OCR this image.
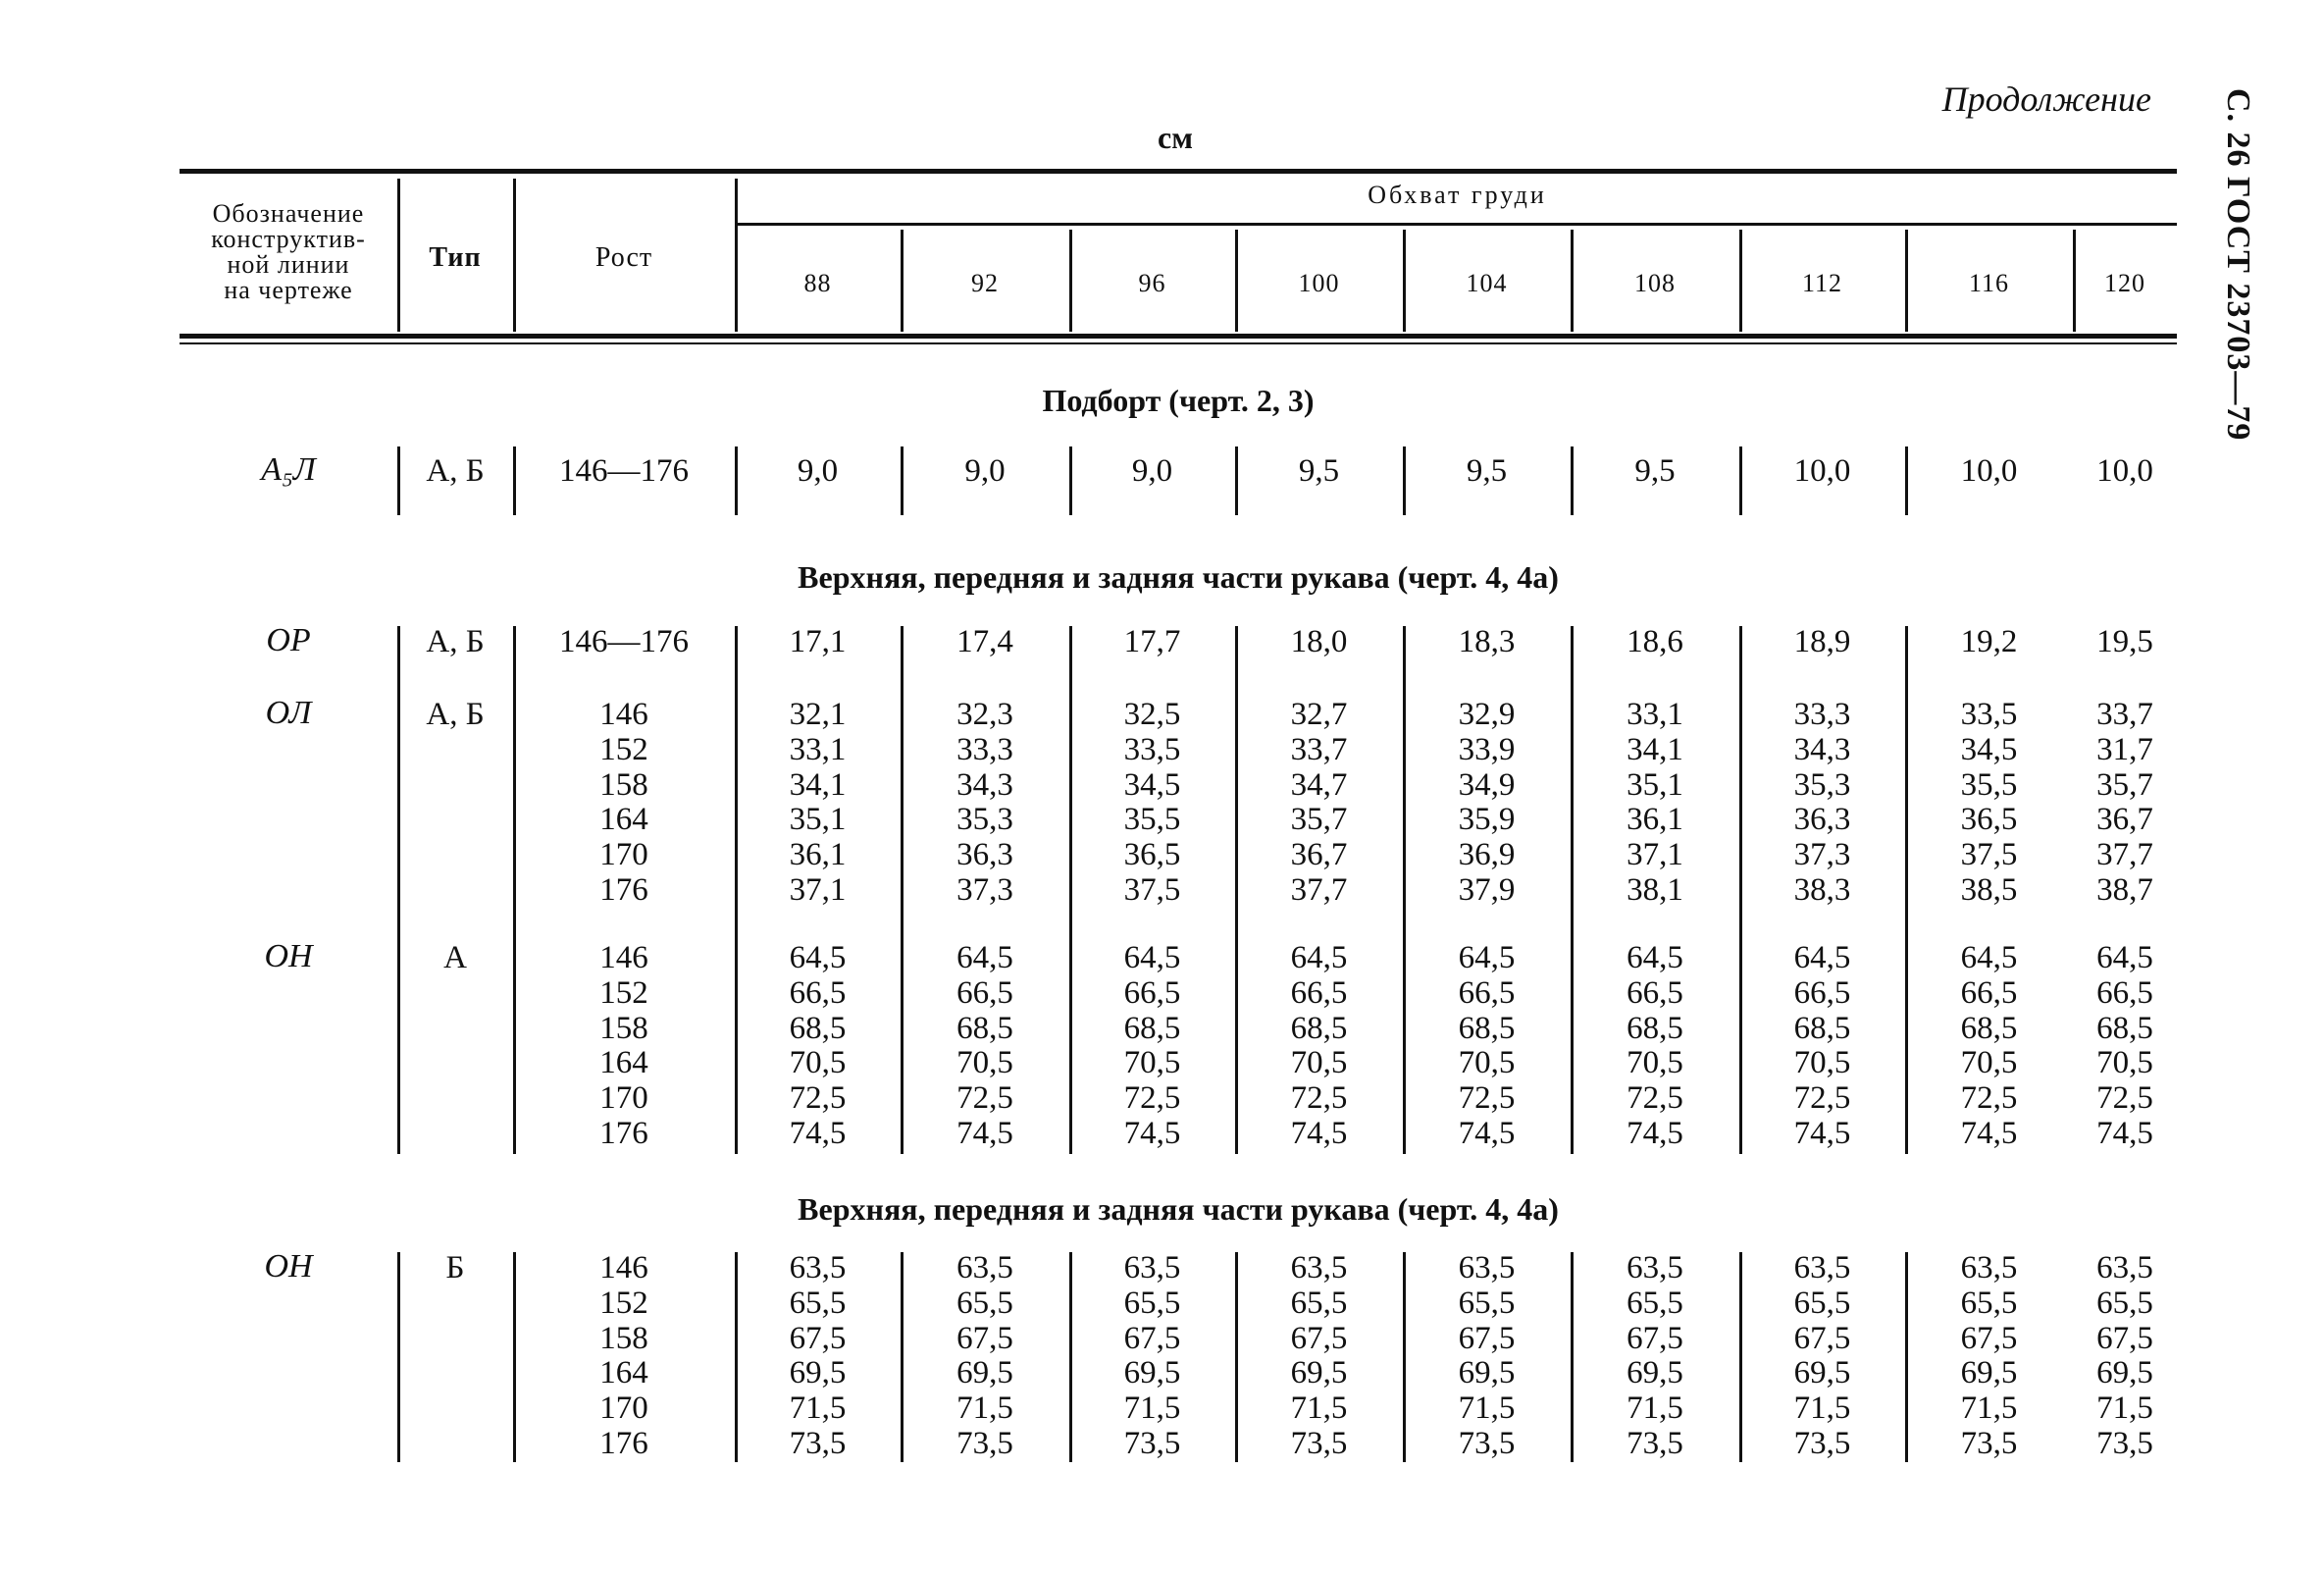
Продолжение
см	С. 26 ГОСТ 23703—79
Обозначение
конструктив-
ной линии
на чертеже
Тип	Рост
Обхват груди
88	92	96	100	104	108	112	116	120
Подборт (черт. 2, 3)
А₅Л	А, Б	146—176	9,0	9,0	9,0	9,5	9,5	9,5	10,0	10,0	10,0
Верхняя, передняя и задняя части рукава (черт. 4, 4а)
ОР	А, Б	146—176	17,1	17,4	17,7	18,0	18,3	18,6	18,9	19,2	19,5
ОЛ	А, Б	146	32,1	32,3	32,5	32,7	32,9	33,1	33,3	33,5	33,7
152	33,1	33,3	33,5	33,7	33,9	34,1	34,3	34,5	31,7
158	34,1	34,3	34,5	34,7	34,9	35,1	35,3	35,5	35,7
164	35,1	35,3	35,5	35,7	35,9	36,1	36,3	36,5	36,7
170	36,1	36,3	36,5	36,7	36,9	37,1	37,3	37,5	37,7
176	37,1	37,3	37,5	37,7	37,9	38,1	38,3	38,5	38,7
ОН	А	146	64,5	64,5	64,5	64,5	64,5	64,5	64,5	64,5	64,5
152	66,5	66,5	66,5	66,5	66,5	66,5	66,5	66,5	66,5
158	68,5	68,5	68,5	68,5	68,5	68,5	68,5	68,5	68,5
164	70,5	70,5	70,5	70,5	70,5	70,5	70,5	70,5	70,5
170	72,5	72,5	72,5	72,5	72,5	72,5	72,5	72,5	72,5
176	74,5	74,5	74,5	74,5	74,5	74,5	74,5	74,5	74,5
Верхняя, передняя и задняя части рукава (черт. 4, 4а)
ОН	Б	146	63,5	63,5	63,5	63,5	63,5	63,5	63,5	63,5	63,5
152	65,5	65,5	65,5	65,5	65,5	65,5	65,5	65,5	65,5
158	67,5	67,5	67,5	67,5	67,5	67,5	67,5	67,5	67,5
164	69,5	69,5	69,5	69,5	69,5	69,5	69,5	69,5	69,5
170	71,5	71,5	71,5	71,5	71,5	71,5	71,5	71,5	71,5
176	73,5	73,5	73,5	73,5	73,5	73,5	73,5	73,5	73,5
